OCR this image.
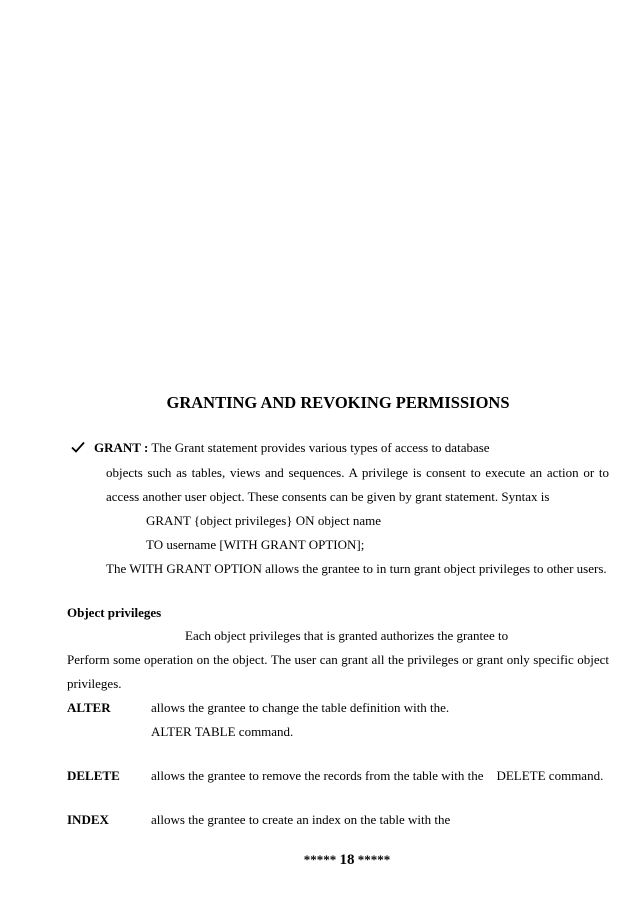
GRANTING AND REVOKING PERMISSIONS
GRANT : The Grant statement provides various types of access to database
objects such as tables, views and sequences. A privilege is consent to execute an action or to
access another user object. These consents can be given by grant statement. Syntax is
GRANT {object privileges} ON object name
TO username [WITH GRANT OPTION];
The WITH GRANT OPTION allows the grantee to in turn grant object privileges to other users.
Object privileges
Each object privileges that is granted authorizes the grantee to
Perform some operation on the object. The user can grant all the privileges or grant only specific object
privileges.
ALTER	allows the grantee to change the table definition with the.
ALTER TABLE command.
DELETE allows the grantee to remove the records from the table with the    DELETE command.
INDEX	allows the grantee to create an index on the table with the
***** 18 *****
